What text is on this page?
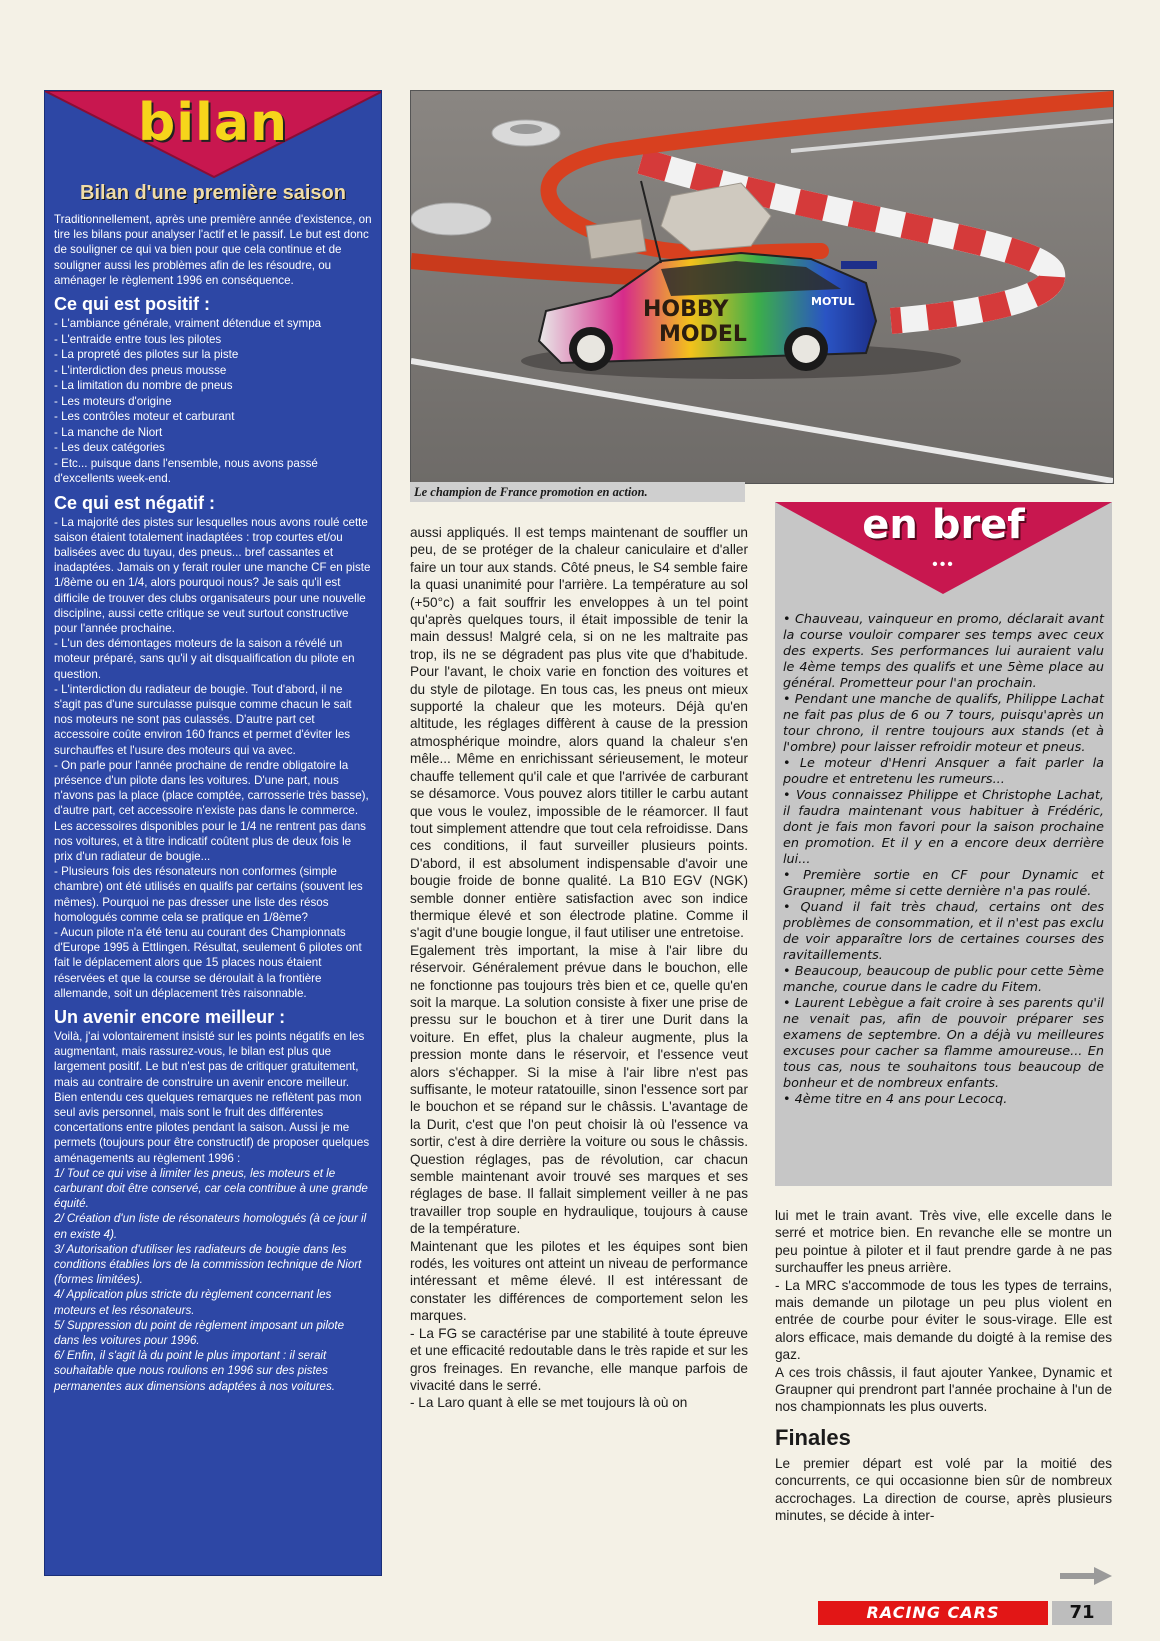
bilan
Bilan d'une première saison

Traditionnellement, après une première année d'existence, on tire les bilans pour analyser l'actif et le passif. Le but est donc de souligner ce qui va bien pour que cela continue et de souligner aussi les problèmes afin de les résoudre, ou aménager le règlement 1996 en conséquence.

Ce qui est positif :
- L'ambiance générale, vraiment détendue et sympa
- L'entraide entre tous les pilotes
- La propreté des pilotes sur la piste
- L'interdiction des pneus mousse
- La limitation du nombre de pneus
- Les moteurs d'origine
- Les contrôles moteur et carburant
- La manche de Niort
- Les deux catégories
- Etc... puisque dans l'ensemble, nous avons passé d'excellents week-end.
Ce qui est négatif :

- La majorité des pistes sur lesquelles nous avons roulé cette saison étaient totalement inadaptées : trop courtes et/ou balisées avec du tuyau, des pneus... bref cassantes et inadaptées. Jamais on y ferait rouler une manche CF en piste 1/8ème ou en 1/4, alors pourquoi nous? Je sais qu'il est difficile de trouver des clubs organisateurs pour une nouvelle discipline, aussi cette critique se veut surtout constructive pour l'année prochaine.

- L'un des démontages moteurs de la saison a révélé un moteur préparé, sans qu'il y ait disqualification du pilote en question.

- L'interdiction du radiateur de bougie. Tout d'abord, il ne s'agit pas d'une surculasse puisque comme chacun le sait nos moteurs ne sont pas culassés. D'autre part cet accessoire coûte environ 160 francs et permet d'éviter les surchauffes et l'usure des moteurs qui va avec.

- On parle pour l'année prochaine de rendre obligatoire la présence d'un pilote dans les voitures. D'une part, nous n'avons pas la place (place comptée, carrosserie très basse), d'autre part, cet accessoire n'existe pas dans le commerce. Les accessoires disponibles pour le 1/4 ne rentrent pas dans nos voitures, et à titre indicatif coûtent plus de deux fois le prix d'un radiateur de bougie...

- Plusieurs fois des résonateurs non conformes (simple chambre) ont été utilisés en qualifs par certains (souvent les mêmes). Pourquoi ne pas dresser une liste des résos homologués comme cela se pratique en 1/8ème?

- Aucun pilote n'a été tenu au courant des Championnats d'Europe 1995 à Ettlingen. Résultat, seulement 6 pilotes ont fait le déplacement alors que 15 places nous étaient réservées et que la course se déroulait à la frontière allemande, soit un déplacement très raisonnable.

Un avenir encore meilleur :

Voilà, j'ai volontairement insisté sur les points négatifs en les augmentant, mais rassurez-vous, le bilan est plus que largement positif. Le but n'est pas de critiquer gratuitement, mais au contraire de construire un avenir encore meilleur. Bien entendu ces quelques remarques ne reflètent pas mon seul avis personnel, mais sont le fruit des différentes concertations entre pilotes pendant la saison. Aussi je me permets (toujours pour être constructif) de proposer quelques aménagements au règlement 1996 :

1/ Tout ce qui vise à limiter les pneus, les moteurs et le carburant doit être conservé, car cela contribue à une grande équité.

2/ Création d'un liste de résonateurs homologués (à ce jour il en existe 4).

3/ Autorisation d'utiliser les radiateurs de bougie dans les conditions établies lors de la commission technique de Niort (formes limitées).

4/ Application plus stricte du règlement concernant les moteurs et les résonateurs.

5/ Suppression du point de règlement imposant un pilote dans les voitures pour 1996.

6/ Enfin, il s'agit là du point le plus important : il serait souhaitable que nous roulions en 1996 sur des pistes permanentes aux dimensions adaptées à nos voitures.

HOBBY
MODEL
MOTUL
Le champion de France promotion en action.

aussi appliqués. Il est temps maintenant de souffler un peu, de se protéger de la chaleur caniculaire et d'aller faire un tour aux stands. Côté pneus, le S4 semble faire la quasi unanimité pour l'arrière. La température au sol (+50°c) a fait souffrir les enveloppes à un tel point qu'après quelques tours, il était impossible de tenir la main dessus! Malgré cela, si on ne les maltraite pas trop, ils ne se dégradent pas plus vite que d'habitude. Pour l'avant, le choix varie en fonction des voitures et du style de pilotage. En tous cas, les pneus ont mieux supporté la chaleur que les moteurs. Déjà qu'en altitude, les réglages diffèrent à cause de la pression atmosphérique moindre, alors quand la chaleur s'en mêle... Même en enrichissant sérieusement, le moteur chauffe tellement qu'il cale et que l'arrivée de carburant se désamorce. Vous pouvez alors titiller le carbu autant que vous le voulez, impossible de le réamorcer. Il faut tout simplement attendre que tout cela refroidisse. Dans ces conditions, il faut surveiller plusieurs points. D'abord, il est absolument indispensable d'avoir une bougie froide de bonne qualité. La B10 EGV (NGK) semble donner entière satisfaction avec son indice thermique élevé et son électrode platine. Comme il s'agit d'une bougie longue, il faut utiliser une entretoise.

Egalement très important, la mise à l'air libre du réservoir. Généralement prévue dans le bouchon, elle ne fonctionne pas toujours très bien et ce, quelle qu'en soit la marque. La solution consiste à fixer une prise de pressu sur le bouchon et à tirer une Durit dans la voiture. En effet, plus la chaleur augmente, plus la pression monte dans le réservoir, et l'essence veut alors s'échapper. Si la mise à l'air libre n'est pas suffisante, le moteur ratatouille, sinon l'essence sort par le bouchon et se répand sur le châssis. L'avantage de la Durit, c'est que l'on peut choisir là où l'essence va sortir, c'est à dire derrière la voiture ou sous le châssis. Question réglages, pas de révolution, car chacun semble maintenant avoir trouvé ses marques et ses réglages de base. Il fallait simplement veiller à ne pas travailler trop souple en hydraulique, toujours à cause de la température.

Maintenant que les pilotes et les équipes sont bien rodés, les voitures ont atteint un niveau de performance intéressant et même élevé. Il est intéressant de constater les différences de comportement selon les marques.

- La FG se caractérise par une stabilité à toute épreuve et une efficacité redoutable dans le très rapide et sur les gros freinages. En revanche, elle manque parfois de vivacité dans le serré.

- La Laro quant à elle se met toujours là où on

en bref
•••

• Chauveau, vainqueur en promo, déclarait avant la course vouloir comparer ses temps avec ceux des experts. Ses performances lui auraient valu le 4ème temps des qualifs et une 5ème place au général. Prometteur pour l'an prochain.

• Pendant une manche de qualifs, Philippe Lachat ne fait pas plus de 6 ou 7 tours, puisqu'après un tour chrono, il rentre toujours aux stands (et à l'ombre) pour laisser refroidir moteur et pneus.

• Le moteur d'Henri Ansquer a fait parler la poudre et entretenu les rumeurs...

• Vous connaissez Philippe et Christophe Lachat, il faudra maintenant vous habituer à Frédéric, dont je fais mon favori pour la saison prochaine en promotion. Et il y en a encore deux derrière lui...

• Première sortie en CF pour Dynamic et Graupner, même si cette dernière n'a pas roulé.

• Quand il fait très chaud, certains ont des problèmes de consommation, et il n'est pas exclu de voir apparaître lors de certaines courses des ravitaillements.

• Beaucoup, beaucoup de public pour cette 5ème manche, courue dans le cadre du Fitem.

• Laurent Lebègue a fait croire à ses parents qu'il ne venait pas, afin de pouvoir préparer ses examens de septembre. On a déjà vu meilleures excuses pour cacher sa flamme amoureuse... En tous cas, nous te souhaitons tous beaucoup de bonheur et de nombreux enfants.

• 4ème titre en 4 ans pour Lecocq.

lui met le train avant. Très vive, elle excelle dans le serré et motrice bien. En revanche elle se montre un peu pointue à piloter et il faut prendre garde à ne pas surchauffer les pneus arrière.

- La MRC s'accommode de tous les types de terrains, mais demande un pilotage un peu plus violent en entrée de courbe pour éviter le sous-virage. Elle est alors efficace, mais demande du doigté à la remise des gaz.

A ces trois châssis, il faut ajouter Yankee, Dynamic et Graupner qui prendront part l'année prochaine à l'un de nos championnats les plus ouverts.

Finales

Le premier départ est volé par la moitié des concurrents, ce qui occasionne bien sûr de nombreux accrochages. La direction de course, après plusieurs minutes, se décide à inter-

RACING CARS	71
